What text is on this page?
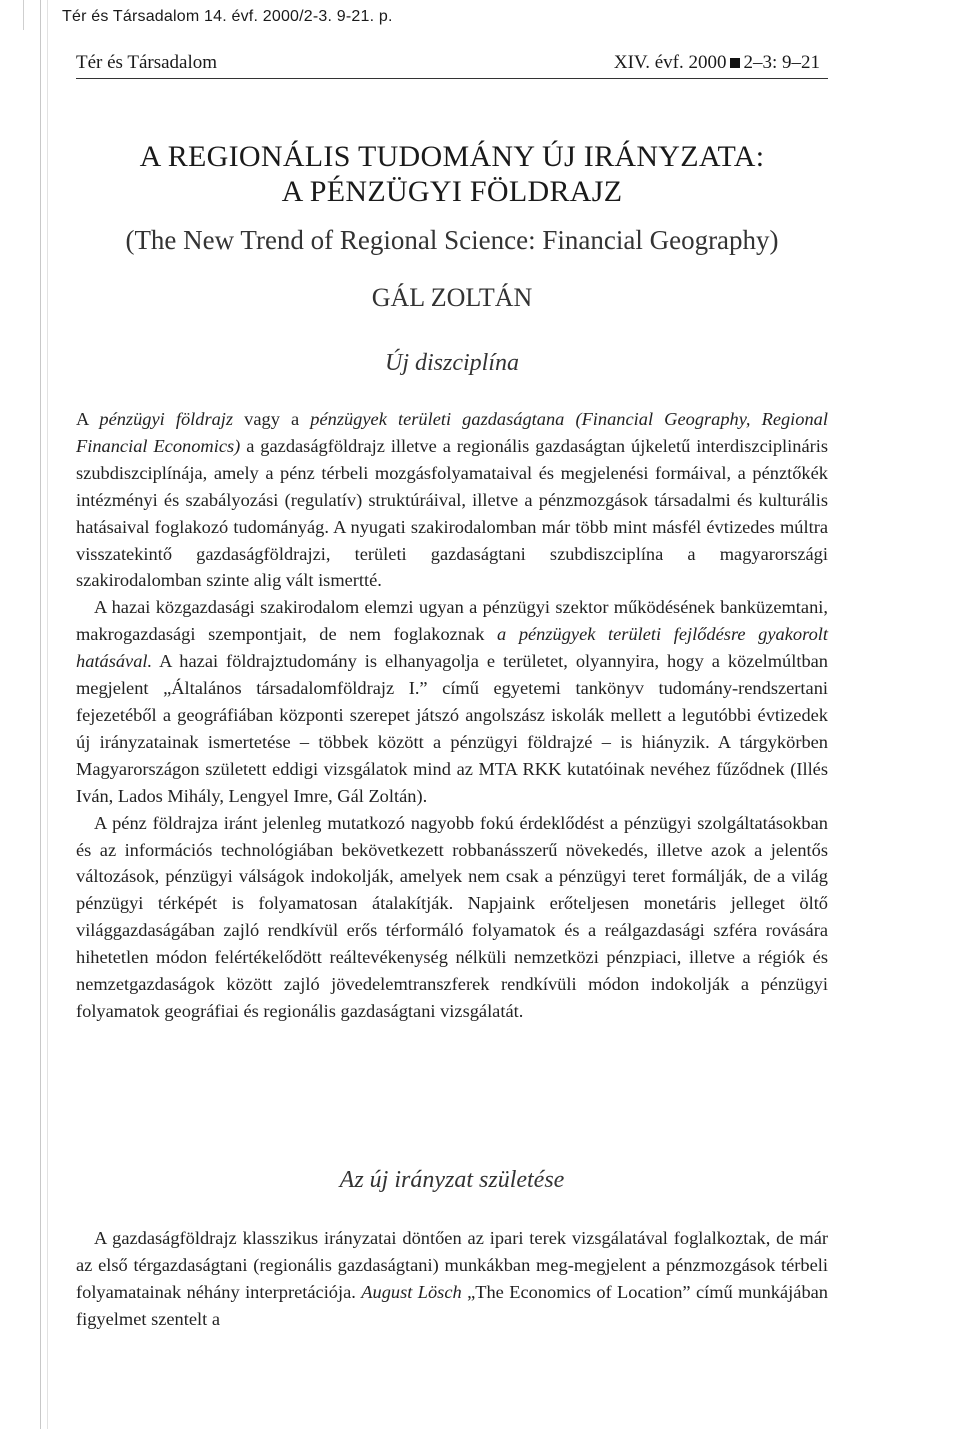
Tér és Társadalom 14. évf. 2000/2-3. 9-21. p.
Tér és Társadalom	XIV. évf. 2000 2–3: 9–21
A REGIONÁLIS TUDOMÁNY ÚJ IRÁNYZATA:
A PÉNZÜGYI FÖLDRAJZ
(The New Trend of Regional Science: Financial Geography)
GÁL ZOLTÁN
Új diszciplína

A pénzügyi földrajz vagy a pénzügyek területi gazdaságtana (Financial Geography, Regional Financial Economics) a gazdaságföldrajz illetve a regionális gazdaságtan újkeletű interdiszciplináris szubdiszciplínája, amely a pénz térbeli mozgásfolyamataival és megjelenési formáival, a pénztőkék intézményi és szabályozási (regulatív) struktúráival, illetve a pénzmozgások társadalmi és kulturális hatásaival foglakozó tudományág. A nyugati szakirodalomban már több mint másfél évtizedes múltra visszatekintő gazdaságföldrajzi, területi gazdaságtani szubdiszciplína a magyarországi szakirodalomban szinte alig vált ismertté.

A hazai közgazdasági szakirodalom elemzi ugyan a pénzügyi szektor működésének banküzemtani, makrogazdasági szempontjait, de nem foglakoznak a pénzügyek területi fejlődésre gyakorolt hatásával. A hazai földrajztudomány is elhanyagolja e területet, olyannyira, hogy a közelmúltban megjelent „Általános társadalomföldrajz I.” című egyetemi tankönyv tudomány-rendszertani fejezetéből a geográfiában központi szerepet játszó angolszász iskolák mellett a legutóbbi évtizedek új irányzatainak ismertetése – többek között a pénzügyi földrajzé – is hiányzik. A tárgykörben Magyarországon született eddigi vizsgálatok mind az MTA RKK kutatóinak nevéhez fűződnek (Illés Iván, Lados Mihály, Lengyel Imre, Gál Zoltán).

A pénz földrajza iránt jelenleg mutatkozó nagyobb fokú érdeklődést a pénzügyi szolgáltatásokban és az információs technológiában bekövetkezett robbanásszerű növekedés, illetve azok a jelentős változások, pénzügyi válságok indokolják, amelyek nem csak a pénzügyi teret formálják, de a világ pénzügyi térképét is folyamatosan átalakítják. Napjaink erőteljesen monetáris jelleget öltő világgazdaságában zajló rendkívül erős térformáló folyamatok és a reálgazdasági szféra rovására hihetetlen módon felértékelődött reáltevékenység nélküli nemzetközi pénzpiaci, illetve a régiók és nemzetgazdaságok között zajló jövedelemtranszferek rendkívüli módon indokolják a pénzügyi folyamatok geográfiai és regionális gazdaságtani vizsgálatát.

Az új irányzat születése

A gazdaságföldrajz klasszikus irányzatai döntően az ipari terek vizsgálatával foglalkoztak, de már az első térgazdaságtani (regionális gazdaságtani) munkákban meg-megjelent a pénzmozgások térbeli folyamatainak néhány interpretációja. August Lösch „The Economics of Location” című munkájában figyelmet szentelt a
